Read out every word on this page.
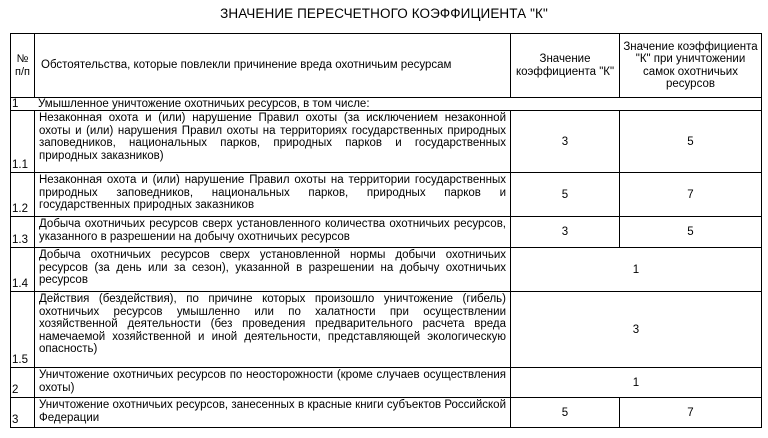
ЗНАЧЕНИЕ ПЕРЕСЧЕТНОГО КОЭФФИЦИЕНТА "К"
№ п/п	Обстоятельства, которые повлекли причинение вреда охотничьим ресурсам	Значение коэффициента "К"	Значение коэффициента "К" при уничтожении самок охотничьих ресурсов
1 Умышленное уничтожение охотничьих ресурсов, в том числе:			
1.1	Незаконная охота и (или) нарушение Правил охоты (за исключением незаконной охоты и (или) нарушения Правил охоты на территориях государственных природных заповедников, национальных парков, природных парков и государственных природных заказников)	3	5
1.2	Незаконная охота и (или) нарушение Правил охоты на территории государственных природных заповедников, национальных парков, природных парков и государственных природных заказников	5	7
1.3	Добыча охотничьих ресурсов сверх установленного количества охотничьих ресурсов, указанного в разрешении на добычу охотничьих ресурсов	3	5
1.4	Добыча охотничьих ресурсов сверх установленной нормы добычи охотничьих ресурсов (за день или за сезон), указанной в разрешении на добычу охотничьих ресурсов	1	
1.5	Действия (бездействия), по причине которых произошло уничтожение (гибель) охотничьих ресурсов умышленно или по халатности при осуществлении хозяйственной деятельности (без проведения предварительного расчета вреда намечаемой хозяйственной и иной деятельности, представляющей экологическую опасность)	3	
2	Уничтожение охотничьих ресурсов по неосторожности (кроме случаев осуществления охоты)	1	
3	Уничтожение охотничьих ресурсов, занесенных в красные книги субъектов Российской Федерации	5	7
